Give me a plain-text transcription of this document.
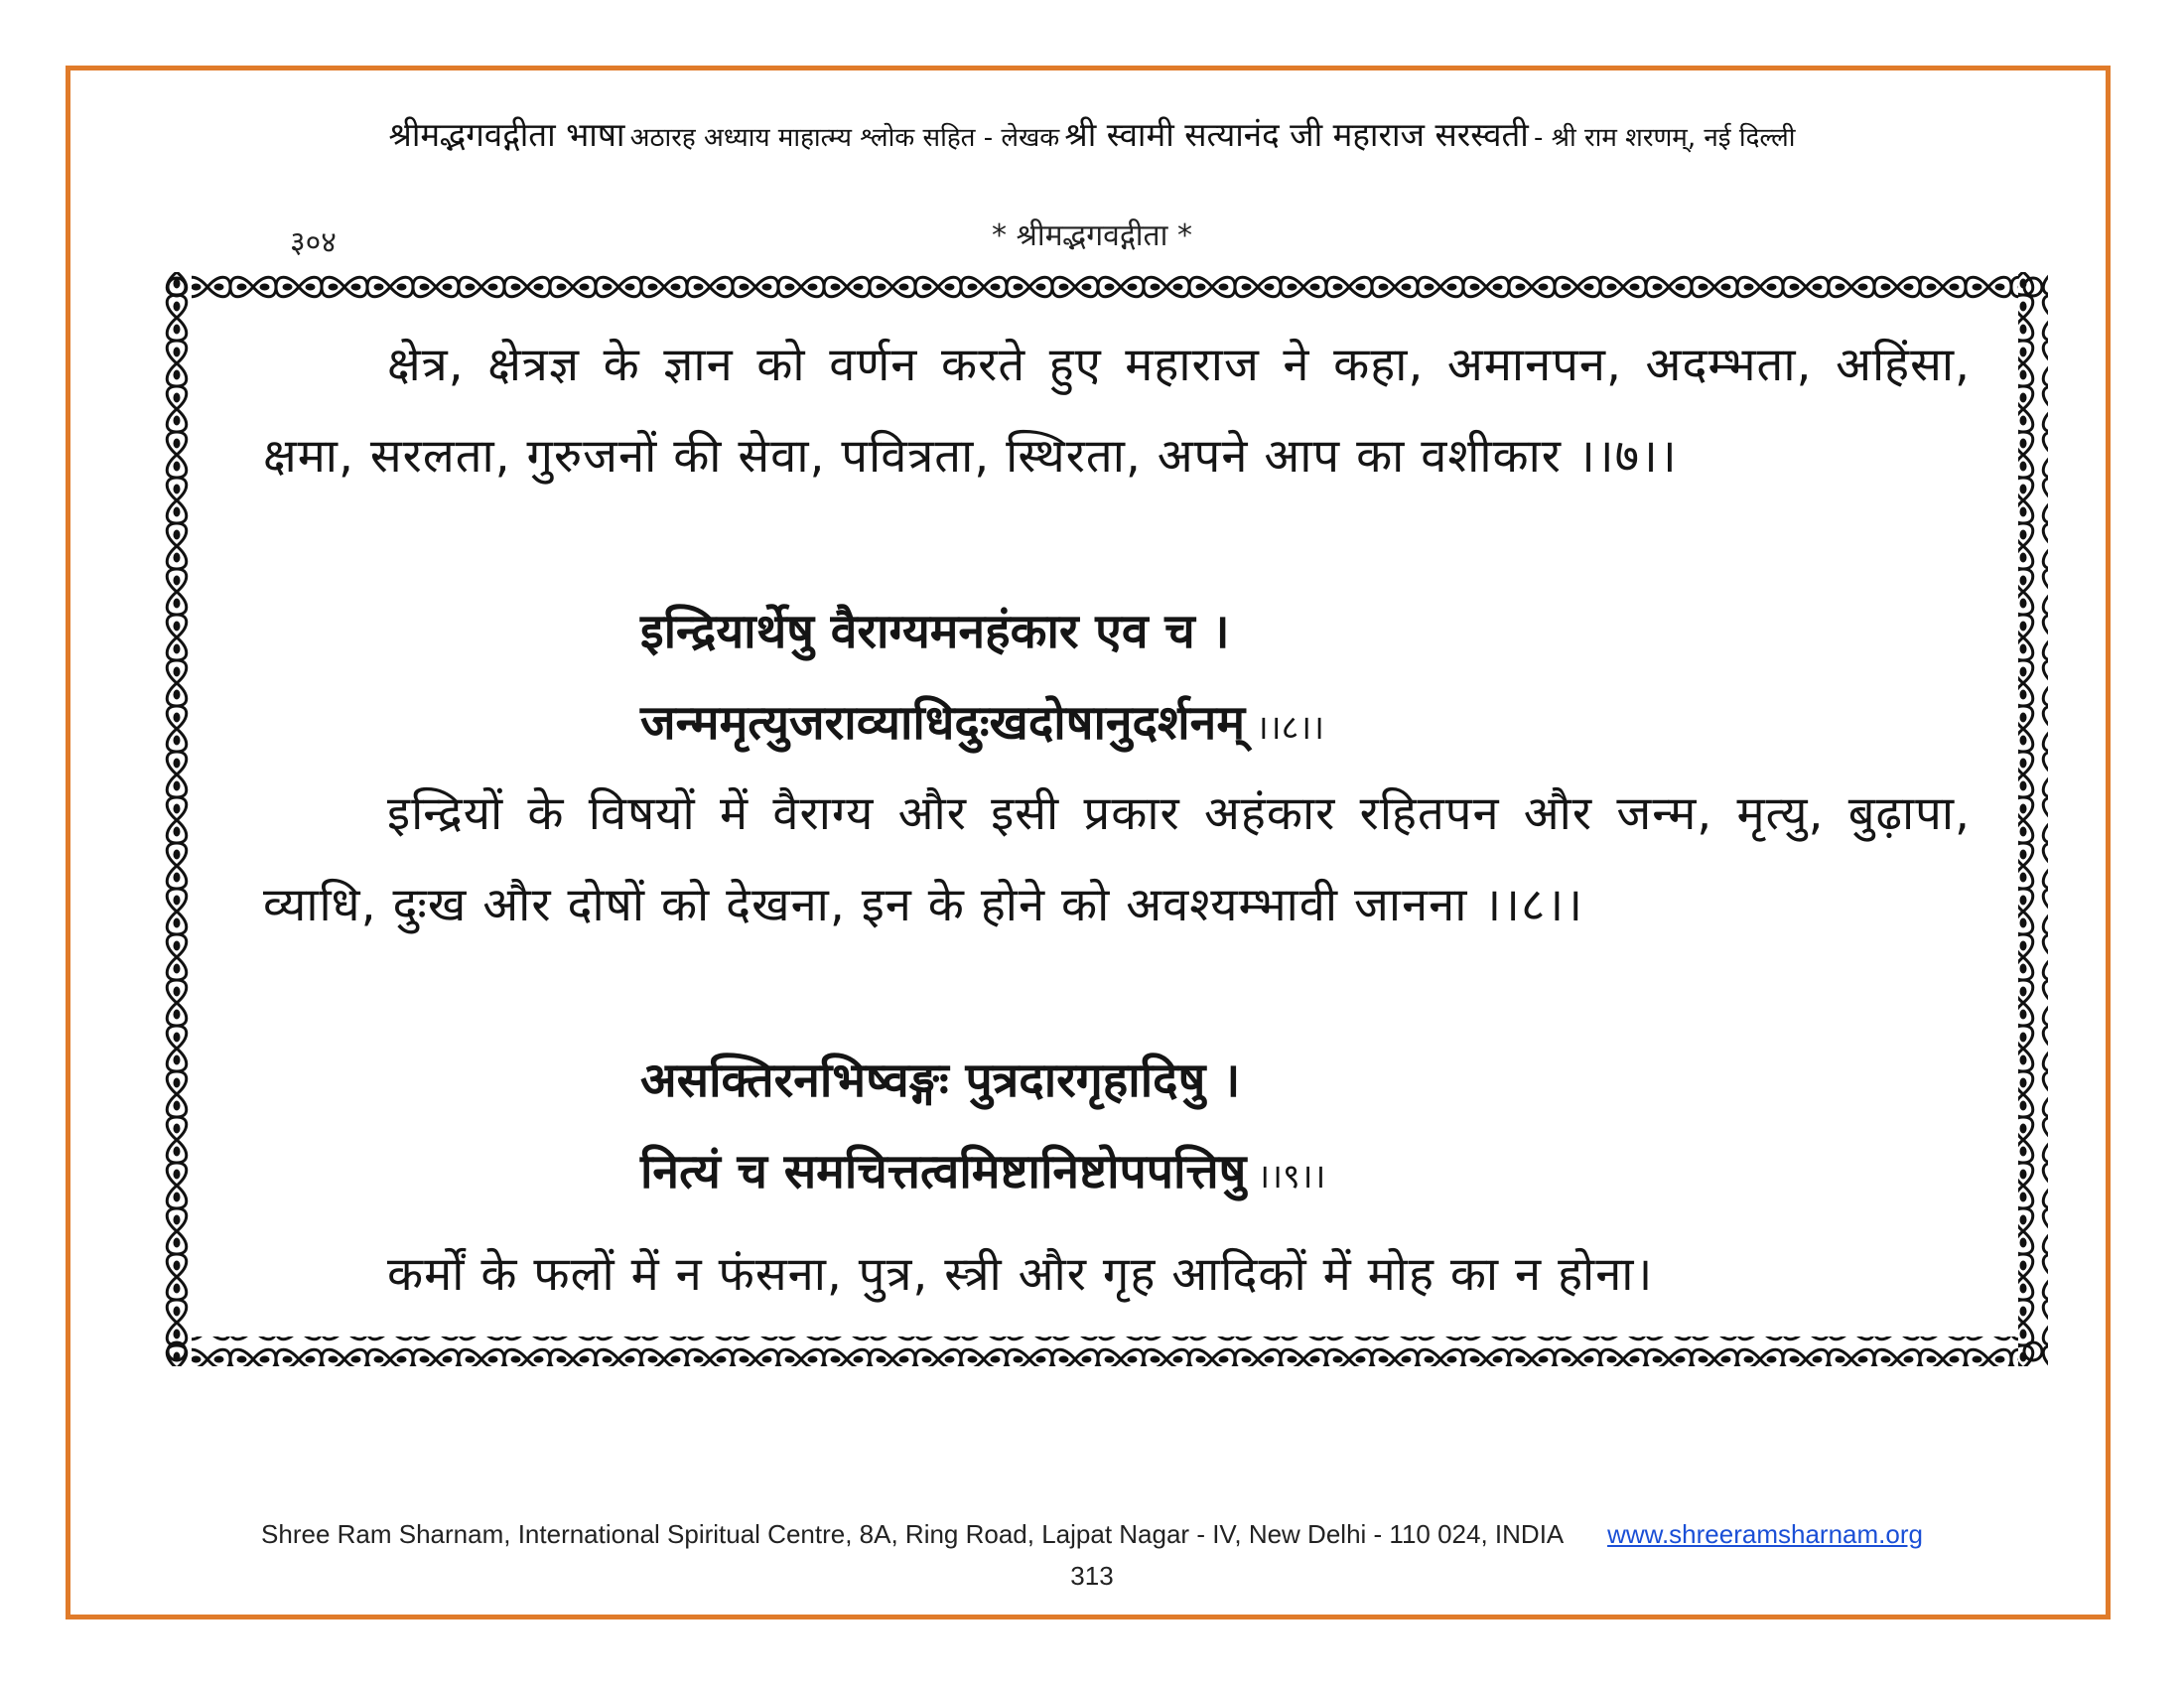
श्रीमद्भगवद्गीता भाषा अठारह अध्याय माहात्म्य श्लोक सहित - लेखक श्री स्वामी सत्यानंद जी महाराज सरस्वती - श्री राम शरणम्, नई दिल्ली
३०४	* श्रीमद्भगवद्गीता *
क्षेत्र, क्षेत्रज्ञ के ज्ञान को वर्णन करते हुए महाराज ने कहा, अमानपन, अदम्भता, अहिंसा, क्षमा, सरलता, गुरुजनों की सेवा, पवित्रता, स्थिरता, अपने आप का वशीकार ।।७।।
इन्द्रियार्थेषु वैराग्यमनहंकार एव च ।
जन्ममृत्युजराव्याधिदुःखदोषानुदर्शनम् ।।८।।
इन्द्रियों के विषयों में वैराग्य और इसी प्रकार अहंकार रहितपन और जन्म, मृत्यु, बुढ़ापा, व्याधि, दुःख और दोषों को देखना, इन के होने को अवश्यम्भावी जानना ।।८।।
असक्तिरनभिष्वङ्गः पुत्रदारगृहादिषु ।
नित्यं च समचित्तत्वमिष्टानिष्टोपपत्तिषु ।।९।।
कर्मों के फलों में न फंसना, पुत्र, स्त्री और गृह आदिकों में मोह का न होना।
Shree Ram Sharnam, International Spiritual Centre, 8A, Ring Road, Lajpat Nagar - IV, New Delhi - 110 024, INDIA www.shreeramsharnam.org
313
